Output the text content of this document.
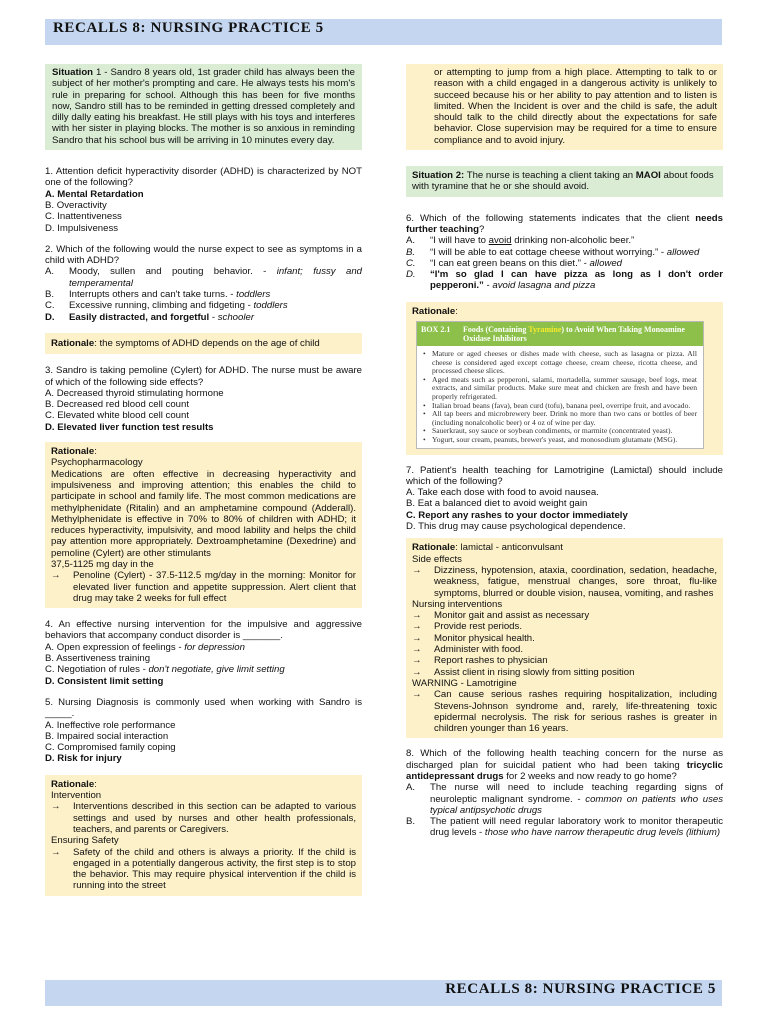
RECALLS 8: NURSING PRACTICE 5

Situation 1 - Sandro 8 years old, 1st grader child has always been the subject of her mother's prompting and care. He always tests his mom's rule in preparing for school. Although this has been for five months now, Sandro still has to be reminded in getting dressed completely and dilly dally eating his breakfast. He still plays with his toys and interferes with her sister in playing blocks. The mother is so anxious in reminding Sandro that his school bus will be arriving in 10 minutes every day.

1. Attention deficit hyperactivity disorder (ADHD) is characterized by NOT one of the following?

A. Mental Retardation

B. Overactivity

C. Inattentiveness

D. Impulsiveness

2. Which of the following would the nurse expect to see as symptoms in a child with ADHD?

A.	Moody, sullen and pouting behavior. - infant; fussy and temperamental
B.	Interrupts others and can't take turns. - toddlers
C.	Excessive running, climbing and fidgeting - toddlers
D.	Easily distracted, and forgetful - schooler

Rationale: the symptoms of ADHD depends on the age of child

3. Sandro is taking pemoline (Cylert) for ADHD. The nurse must be aware of which of the following side effects?

A. Decreased thyroid stimulating hormone

B. Decreased red blood cell count

C. Elevated white blood cell count

D. Elevated liver function test results

Rationale:

Psychopharmacology

Medications are often effective in decreasing hyperactivity and impulsiveness and improving attention; this enables the child to participate in school and family life. The most common medications are methylphenidate (Ritalin) and an amphetamine compound (Adderall). Methylphenidate is effective in 70% to 80% of children with ADHD; it reduces hyperactivity, impulsivity, and mood lability and helps the child pay attention more appropriately. Dextroamphetamine (Dexedrine) and pemoline (Cylert) are other stimulants

37,5-1125 mg day in the

→	Penoline (Cylert) - 37.5-112.5 mg/day in the morning: Monitor for elevated liver function and appetite suppression. Alert client that drug may take 2 weeks for full effect

4. An effective nursing intervention for the impulsive and aggressive behaviors that accompany conduct disorder is _______.

A. Open expression of feelings - for depression

B. Assertiveness training

C. Negotiation of rules - don't negotiate, give limit setting

D. Consistent limit setting

5. Nursing Diagnosis is commonly used when working with Sandro is _____.

A. Ineffective role performance

B. Impaired social interaction

C. Compromised family coping

D. Risk for injury

Rationale:

Intervention

→	Interventions described in this section can be adapted to various settings and used by nurses and other health professionals, teachers, and parents or Caregivers.

Ensuring Safety

→	Safety of the child and others is always a priority. If the child is engaged in a potentially dangerous activity, the first step is to stop the behavior. This may require physical intervention if the child is running into the street

or attempting to jump from a high place. Attempting to talk to or reason with a child engaged in a dangerous activity is unlikely to succeed because his or her ability to pay attention and to listen is limited. When the Incident is over and the child is safe, the adult should talk to the child directly about the expectations for safe behavior. Close supervision may be required for a time to ensure compliance and to avoid injury.

Situation 2: The nurse is teaching a client taking an MAOI about foods with tyramine that he or she should avoid.

6. Which of the following statements indicates that the client needs further teaching?

A.	“I will have to avoid drinking non-alcoholic beer.”
B.	“I will be able to eat cottage cheese without worrying.” - allowed
C.	“I can eat green beans on this diet.” - allowed
D.	“I'm so glad I can have pizza as long as I don't order pepperoni.” - avoid lasagna and pizza

Rationale:

BOX 2.1	Foods (Containing Tyramine) to Avoid When Taking Monoamine Oxidase Inhibitors
• Mature or aged cheeses or dishes made with cheese, such as lasagna or pizza. All cheese is considered aged except cottage cheese, cream cheese, ricotta cheese, and processed cheese slices.
• Aged meats such as pepperoni, salami, mortadella, summer sausage, beef logs, meat extracts, and similar products. Make sure meat and chicken are fresh and have been properly refrigerated.
• Italian broad beans (fava), bean curd (tofu), banana peel, overripe fruit, and avocado.
• All tap beers and microbrewery beer. Drink no more than two cans or bottles of beer (including nonalcoholic beer) or 4 oz of wine per day.
• Sauerkraut, soy sauce or soybean condiments, or marmite (concentrated yeast).
• Yogurt, sour cream, peanuts, brewer's yeast, and monosodium glutamate (MSG).

7. Patient's health teaching for Lamotrigine (Lamictal) should include which of the following?

A. Take each dose with food to avoid nausea.

B. Eat a balanced diet to avoid weight gain

C. Report any rashes to your doctor immediately

D. This drug may cause psychological dependence.

Rationale: lamictal - anticonvulsant

Side effects

→	Dizziness, hypotension, ataxia, coordination, sedation, headache, weakness, fatigue, menstrual changes, sore throat, flu-like symptoms, blurred or double vision, nausea, vomiting, and rashes

Nursing interventions

→	Monitor gait and assist as necessary
→	Provide rest periods.
→	Monitor physical health.
→	Administer with food.
→	Report rashes to physician
→	Assist client in rising slowly from sitting position

WARNING - Lamotrigine

→	Can cause serious rashes requiring hospitalization, including Stevens-Johnson syndrome and, rarely, life-threatening toxic epidermal necrolysis. The risk for serious rashes is greater in children younger than 16 years.

8. Which of the following health teaching concern for the nurse as discharged plan for suicidal patient who had been taking tricyclic antidepressant drugs for 2 weeks and now ready to go home?

A.	The nurse will need to include teaching regarding signs of neuroleptic malignant syndrome. - common on patients who uses typical antipsychotic drugs
B.	The patient will need regular laboratory work to monitor therapeutic drug levels - those who have narrow therapeutic drug levels (lithium)
RECALLS 8: NURSING PRACTICE 5
